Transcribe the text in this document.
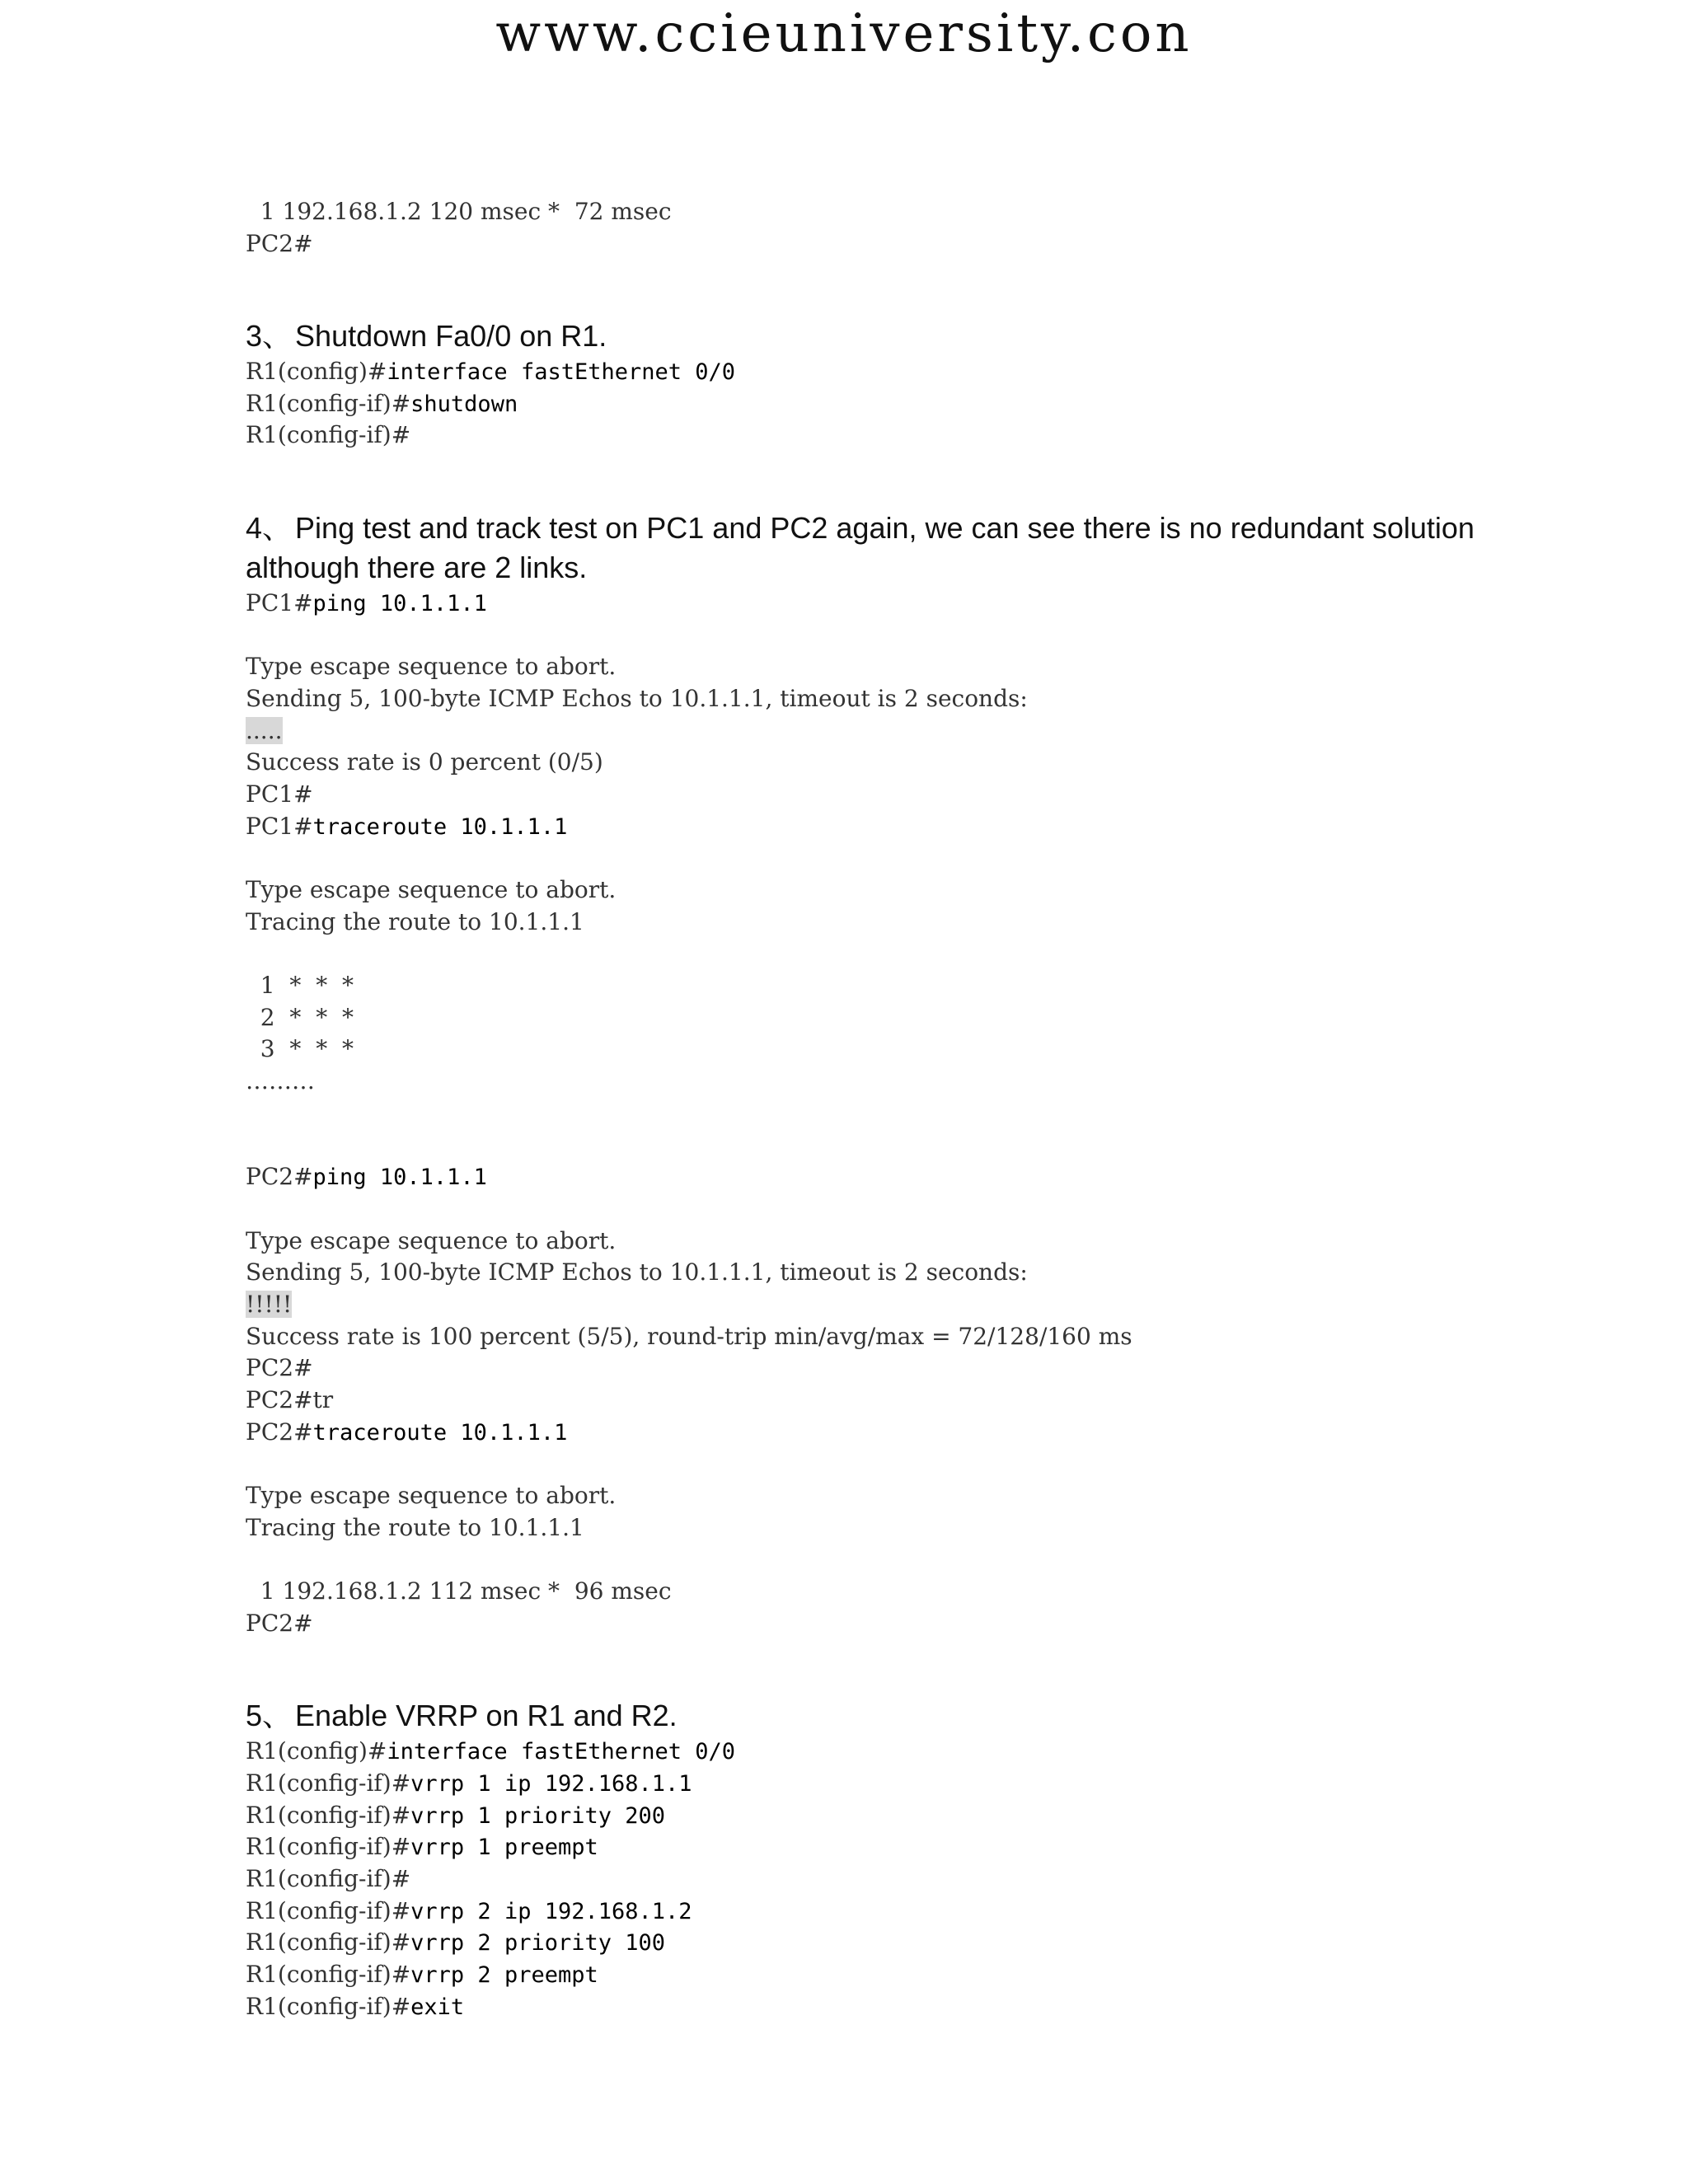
www.ccieuniversity.con
1 192.168.1.2 120 msec *  72 msec
PC2#
3、 Shutdown Fa0/0 on R1.
R1(config)#interface fastEthernet 0/0
R1(config-if)#shutdown
R1(config-if)#
4、 Ping test and track test on PC1 and PC2 again, we can see there is no redundant solution although there are 2 links.
PC1#ping 10.1.1.1
Type escape sequence to abort.
Sending 5, 100-byte ICMP Echos to 10.1.1.1, timeout is 2 seconds:
.....
Success rate is 0 percent (0/5)
PC1#
PC1#traceroute 10.1.1.1
Type escape sequence to abort.
Tracing the route to 10.1.1.1
1  *  *  *
2  *  *  *
3  *  *  *
………
PC2#ping 10.1.1.1
Type escape sequence to abort.
Sending 5, 100-byte ICMP Echos to 10.1.1.1, timeout is 2 seconds:
!!!!!
Success rate is 100 percent (5/5), round-trip min/avg/max = 72/128/160 ms
PC2#
PC2#tr
PC2#traceroute 10.1.1.1
Type escape sequence to abort.
Tracing the route to 10.1.1.1
1 192.168.1.2 112 msec *  96 msec
PC2#
5、 Enable VRRP on R1 and R2.
R1(config)#interface fastEthernet 0/0
R1(config-if)#vrrp 1 ip 192.168.1.1
R1(config-if)#vrrp 1 priority 200
R1(config-if)#vrrp 1 preempt
R1(config-if)#
R1(config-if)#vrrp 2 ip 192.168.1.2
R1(config-if)#vrrp 2 priority 100
R1(config-if)#vrrp 2 preempt
R1(config-if)#exit
